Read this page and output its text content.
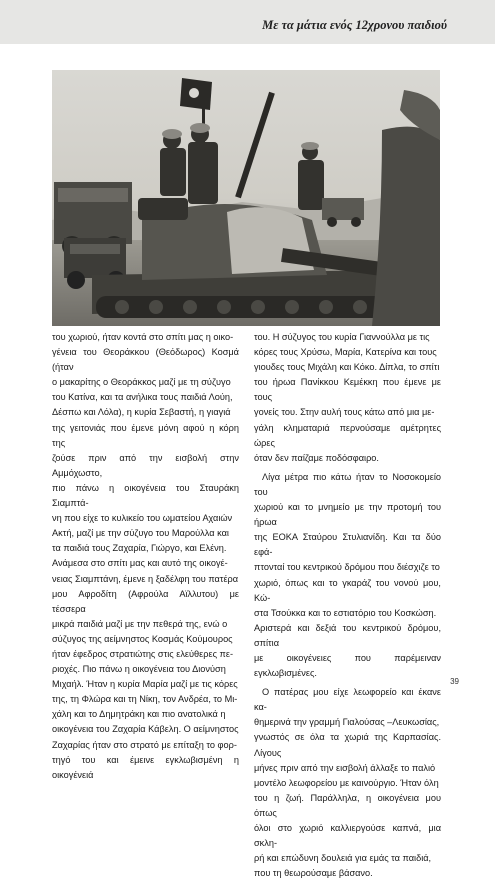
Με τα μάτια ενός 12χρονου παιδιού

του χωριού, ήταν κοντά στο σπίτι μας η οικο-
γένεια του Θεοράκκου (Θεόδωρος) Κοσμά (ήταν
ο μακαρίτης ο Θεοράκκος μαζί με τη σύζυγο
του Κατίνα, και τα ανήλικα τους παιδιά Λούη,
Δέσπω και Λόλα), η κυρία Σεβαστή, η γιαγιά
της γειτονιάς που έμενε μόνη αφού η κόρη της
ζούσε πριν από την εισβολή στην Αμμόχωστο,
πιο πάνω η οικογένεια του Σταυράκη Σιαμπτά-
νη που είχε το κυλικείο του ωματείου Αχαιών
Ακτή, μαζί με την σύζυγο του Μαρούλλα και
τα παιδιά τους Ζαχαρία, Γιώργο, και Ελένη.
Ανάμεσα στο σπίτι μας και αυτό της οικογέ-
νειας Σιαμπτάνη, έμενε η ξαδέλφη του πατέρα
μου Αφροδίτη (Αφρούλα Αϊλλυτου) με τέσσερα
μικρά παιδιά μαζί με την πεθερά της, ενώ ο
σύζυγος της αείμνηστος Κοσμάς Κούμουρος
ήταν έφεδρος στρατιώτης στις ελεύθερες πε-
ριοχές. Πιο πάνω η οικογένεια του Διονύση
Μιχαήλ. Ήταν η κυρία Μαρία μαζί με τις κόρες
της, τη Φλώρα και τη Νίκη, τον Ανδρέα, το Μι-
χάλη και το Δημητράκη και πιο ανατολικά η
οικογένεια του Ζαχαρία Κάβελη. Ο αείμνηστος
Ζαχαρίας ήταν στο στρατό με επίταξη το φορ-
τηγό του και έμεινε εγκλωβισμένη η οικογένειά

του. Η σύζυγος του κυρία Γιαννούλλα με τις
κόρες τους Χρύσω, Μαρία, Κατερίνα και τους
γιουδες τους Μιχάλη και Κόκο. Δίπλα, το σπίτι
του ήρωα Πανίκκου Κεμέκκη που έμενε με τους
γονείς του. Στην αυλή τους κάτω από μια με-
γάλη κληματαριά περνούσαμε αμέτρητες ώρες
όταν δεν παίζαμε ποδόσφαιρο.

Λίγα μέτρα πιο κάτω ήταν το Νοσοκομείο του
χωριού και το μνημείο με την προτομή του ήρωα
της ΕΟΚΑ Σταύρου Στυλιανίδη. Και τα δύο εφά-
πτονταί του κεντρικού δρόμου που διέσχιζε το
χωριό, όπως και το γκαράζ του νονού μου, Κώ-
στα Τσούκκα και το εστιατόριο του Κοσκώση.
Αριστερά και δεξιά του κεντρικού δρόμου, σπίτια
με οικογένειες που παρέμειναν εγκλωβισμένες.

Ο πατέρας μου είχε λεωφορείο και έκανε κα-
θημερινά την γραμμή Γιαλούσας –Λευκωσίας,
γνωστός σε όλα τα χωριά της Καρπασίας. Λίγους
μήνες πριν από την εισβολή άλλαξε το παλιό
μοντέλο λεωφορείου με καινούργιο. Ήταν όλη
του η ζωή. Παράλληλα, η οικογένεια μου όπως
όλοι στο χωριό καλλιεργούσε καπνά, μια σκλη-
ρή και επώδυνη δουλειά για εμάς τα παιδιά,
που τη θεωρούσαμε βάσανο.

39
